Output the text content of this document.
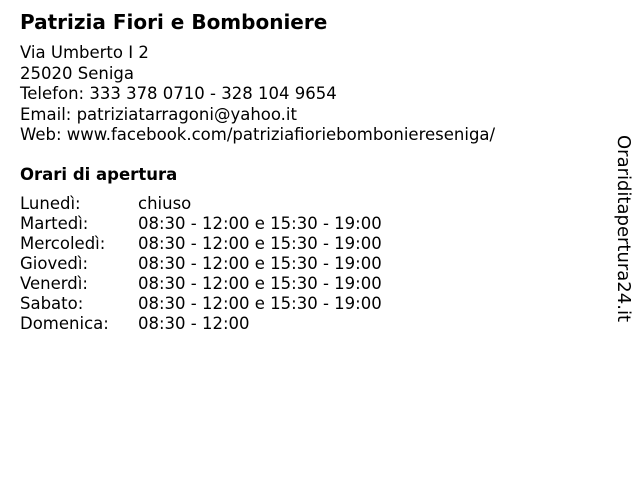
Patrizia Fiori e Bomboniere
Via Umberto I 2
25020 Seniga
Telefon: 333 378 0710 - 328 104 9654
Email: patriziatarragoni@yahoo.it
Web: www.facebook.com/patriziafioriebomboniereseniga/
Orari di apertura
Lunedì:	chiuso
Martedì:	08:30 - 12:00 e 15:30 - 19:00
Mercoledì: 08:30 - 12:00 e 15:30 - 19:00
Giovedì:	08:30 - 12:00 e 15:30 - 19:00
Venerdì:	08:30 - 12:00 e 15:30 - 19:00
Sabato:	08:30 - 12:00 e 15:30 - 19:00
Domenica: 08:30 - 12:00
Orariditapertura24.it
